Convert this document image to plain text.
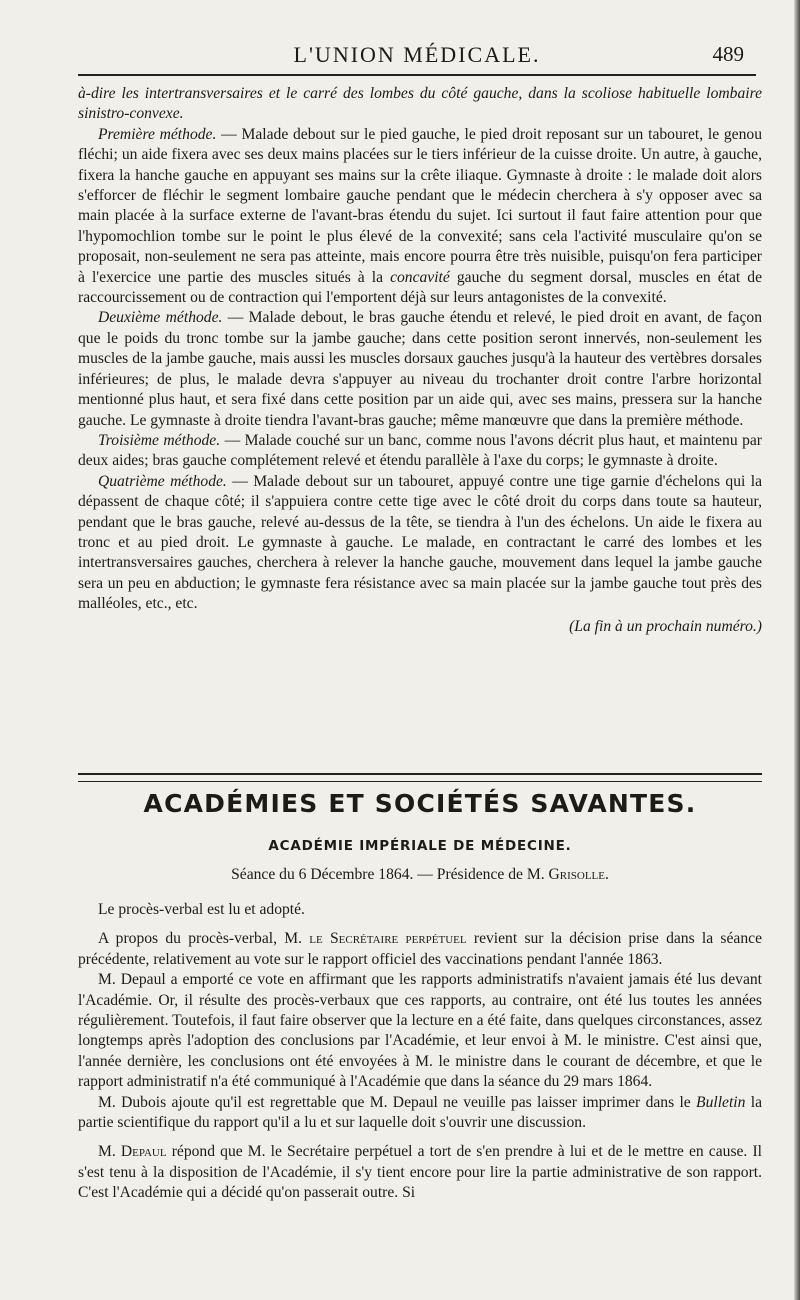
L'UNION MÉDICALE.	489

à-dire les intertransversaires et le carré des lombes du côté gauche, dans la scoliose habituelle lombaire sinistro-convexe.

Première méthode. — Malade debout sur le pied gauche, le pied droit reposant sur un tabouret, le genou fléchi; un aide fixera avec ses deux mains placées sur le tiers inférieur de la cuisse droite. Un autre, à gauche, fixera la hanche gauche en appuyant ses mains sur la crête iliaque. Gymnaste à droite : le malade doit alors s'efforcer de fléchir le segment lombaire gauche pendant que le médecin cherchera à s'y opposer avec sa main placée à la surface externe de l'avant-bras étendu du sujet. Ici surtout il faut faire attention pour que l'hypomochlion tombe sur le point le plus élevé de la convexité; sans cela l'activité musculaire qu'on se proposait, non-seulement ne sera pas atteinte, mais encore pourra être très nuisible, puisqu'on fera participer à l'exercice une partie des muscles situés à la concavité gauche du segment dorsal, muscles en état de raccourcissement ou de contraction qui l'emportent déjà sur leurs antagonistes de la convexité.

Deuxième méthode. — Malade debout, le bras gauche étendu et relevé, le pied droit en avant, de façon que le poids du tronc tombe sur la jambe gauche; dans cette position seront innervés, non-seulement les muscles de la jambe gauche, mais aussi les muscles dorsaux gauches jusqu'à la hauteur des vertèbres dorsales inférieures; de plus, le malade devra s'appuyer au niveau du trochanter droit contre l'arbre horizontal mentionné plus haut, et sera fixé dans cette position par un aide qui, avec ses mains, pressera sur la hanche gauche. Le gymnaste à droite tiendra l'avant-bras gauche; même manœuvre que dans la première méthode.

Troisième méthode. — Malade couché sur un banc, comme nous l'avons décrit plus haut, et maintenu par deux aides; bras gauche complétement relevé et étendu parallèle à l'axe du corps; le gymnaste à droite.

Quatrième méthode. — Malade debout sur un tabouret, appuyé contre une tige garnie d'échelons qui la dépassent de chaque côté; il s'appuiera contre cette tige avec le côté droit du corps dans toute sa hauteur, pendant que le bras gauche, relevé au-dessus de la tête, se tiendra à l'un des échelons. Un aide le fixera au tronc et au pied droit. Le gymnaste à gauche. Le malade, en contractant le carré des lombes et les intertransversaires gauches, cherchera à relever la hanche gauche, mouvement dans lequel la jambe gauche sera un peu en abduction; le gymnaste fera résistance avec sa main placée sur la jambe gauche tout près des malléoles, etc., etc.

(La fin à un prochain numéro.)

ACADÉMIES ET SOCIÉTÉS SAVANTES.
ACADÉMIE IMPÉRIALE DE MÉDECINE.
Séance du 6 Décembre 1864. — Présidence de M. Grisolle.

Le procès-verbal est lu et adopté.

A propos du procès-verbal, M. le Secrétaire perpétuel revient sur la décision prise dans la séance précédente, relativement au vote sur le rapport officiel des vaccinations pendant l'année 1863.

M. Depaul a emporté ce vote en affirmant que les rapports administratifs n'avaient jamais été lus devant l'Académie. Or, il résulte des procès-verbaux que ces rapports, au contraire, ont été lus toutes les années régulièrement. Toutefois, il faut faire observer que la lecture en a été faite, dans quelques circonstances, assez longtemps après l'adoption des conclusions par l'Académie, et leur envoi à M. le ministre. C'est ainsi que, l'année dernière, les conclusions ont été envoyées à M. le ministre dans le courant de décembre, et que le rapport administratif n'a été communiqué à l'Académie que dans la séance du 29 mars 1864.

M. Dubois ajoute qu'il est regrettable que M. Depaul ne veuille pas laisser imprimer dans le Bulletin la partie scientifique du rapport qu'il a lu et sur laquelle doit s'ouvrir une discussion.

M. Depaul répond que M. le Secrétaire perpétuel a tort de s'en prendre à lui et de le mettre en cause. Il s'est tenu à la disposition de l'Académie, il s'y tient encore pour lire la partie administrative de son rapport. C'est l'Académie qui a décidé qu'on passerait outre. Si
